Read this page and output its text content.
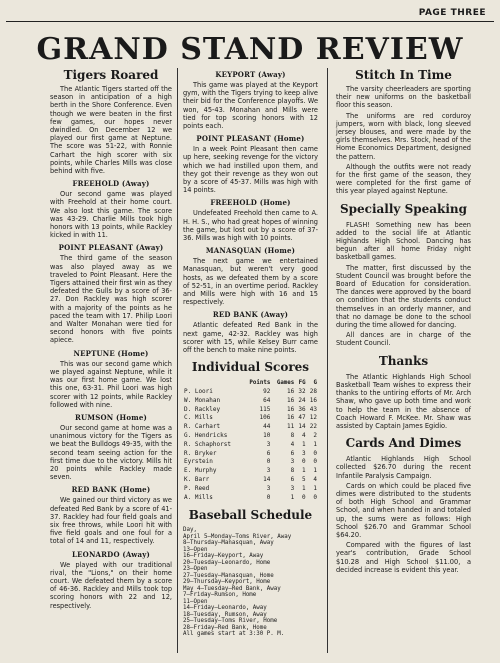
PAGE THREE
GRAND STAND REVIEW
Tigers Roared

The Atlantic Tigers started off the season in anticipation of a high berth in the Shore Conference. Even though we were beaten in the first few games, our hopes never dwindled. On December 12 we played our first game at Neptune. The score was 51-22, with Ronnie Carhart the high scorer with six points, while Charles Mills was close behind with five.

FREEHOLD (Away)

Our second game was played with Freehold at their home court. We also lost this game. The score was 43-29. Charlie Mills took high honors with 13 points, while Rackley kicked in with 11.

POINT PLEASANT (Away)

The third game of the season was also played away as we traveled to Point Pleasant. Here the Tigers attained their first win as they defeated the Gulls by a score of 36-27. Don Rackley was high scorer with a majority of the points as he paced the team with 17. Philip Loori and Walter Monahan were tied for second honors with five points apiece.

NEPTUNE (Home)

This was our second game which we played against Neptune, while it was our first home game. We lost this one, 63-31. Phil Loori was high scorer with 12 points, while Rackley followed with nine.

RUMSON (Home)

Our second game at home was a unanimous victory for the Tigers as we beat the Bulldogs 49-35, with the second team seeing action for the first time due to the victory. Mills hit 20 points while Rackley made seven.

RED BANK (Home)

We gained our third victory as we defeated Red Bank by a score of 41-37. Rackley had four field goals and six free throws, while Loori hit with five field goals and one foul for a total of 14 and 11, respectively.

LEONARDO (Away)

We played with our traditional rival, the "Lions," on their home court. We defeated them by a score of 46-36. Rackley and Mills took top scoring honors with 22 and 12, respectively.

KEYPORT (Away)

This game was played at the Keyport gym, with the Tigers trying to keep alive their bid for the Conference playoffs. We won, 45-43. Monahan and Mills were tied for top scoring honors with 12 points each.

POINT PLEASANT (Home)

In a week Point Pleasant then came up here, seeking revenge for the victory which we had instilled upon them, and they got their revenge as they won out by a score of 45-37. Mills was high with 14 points.

FREEHOLD (Home)

Undefeated Freehold then came to A. H. H. S., who had great hopes of winning the game, but lost out by a score of 37-36. Mills was high with 10 points.

MANASQUAN (Home)

The next game we entertained Manasquan, but weren't very good hosts, as we defeated them by a score of 52-51, in an overtime period. Rackley and Mills were high with 16 and 15 respectively.

RED BANK (Away)

Atlantic defeated Red Bank in the next game, 42-32. Rackley was high scorer with 15, while Kelsey Burr came off the bench to make nine points.

Individual Scores
	Points	Games	FG	G
P. Loori	92	16	32	28
W. Monahan	64	16	24	16
D. Rackley	115	16	36	43
C. Mills	106	16	47	12
R. Carhart	44	11	14	22
G. Hendricks	10	8	4	2
R. Schaphorst	3	4	1	1
R. Bryker	6	6	3	0
Eyrstein	0	3	0	0
E. Murphy	3	8	1	1
K. Barr	14	6	5	4
P. Reed	3	3	1	1
A. Mills	0	1	0	0
Baseball Schedule
Day,
April 5—Monday—Toms River, Away
8—Thursday—Manasquan, Away
13—Open
16—Friday—Keyport, Away
20—Tuesday—Leonardo, Home
23—Open
27—Tuesday—Manasquan, Home
29—Thursday—Keyport, Home
May 4—Tuesday—Red Bank, Away
7—Friday—Rumson, Home
11—Open
14—Friday—Leonardo, Away
18—Tuesday, Rumson, Away
25—Tuesday—Toms River, Home
28—Friday—Red Bank, Home
All games start at 3:30 P. M.
Stitch In Time

The varsity cheerleaders are sporting their new uniforms on the basketball floor this season.

The uniforms are red corduroy jumpers, worn with black, long sleeved jersey blouses, and were made by the girls themselves. Mrs. Stock, head of the Home Economics Department, designed the pattern.

Although the outfits were not ready for the first game of the season, they were completed for the first game of this year played against Neptune.

Specially Speaking

FLASH! Something new has been added to the social life at Atlantic Highlands High School. Dancing has begun after all home Friday night basketball games.

The matter, first discussed by the Student Council was brought before the Board of Education for consideration. The dances were approved by the board on condition that the students conduct themselves in an orderly manner, and that no damage be done to the school during the time allowed for dancing.

All dances are in charge of the Student Council.

Thanks

The Atlantic Highlands High School Basketball Team wishes to express their thanks to the untiring efforts of Mr. Arch Shaw, who gave up both time and work to help the team in the absence of Coach Howard F. McKee. Mr. Shaw was assisted by Captain James Egidio.

Cards And Dimes

Atlantic Highlands High School collected $26.70 during the recent Infantile Paralysis Campaign.

Cards on which could be placed five dimes were distributed to the students of both High School and Grammar School, and when handed in and totaled up, the sums were as follows: High School $26.70 and Grammar School $64.20.

Compared with the figures of last year's contribution, Grade School $10.28 and High School $11.00, a decided increase is evident this year.
